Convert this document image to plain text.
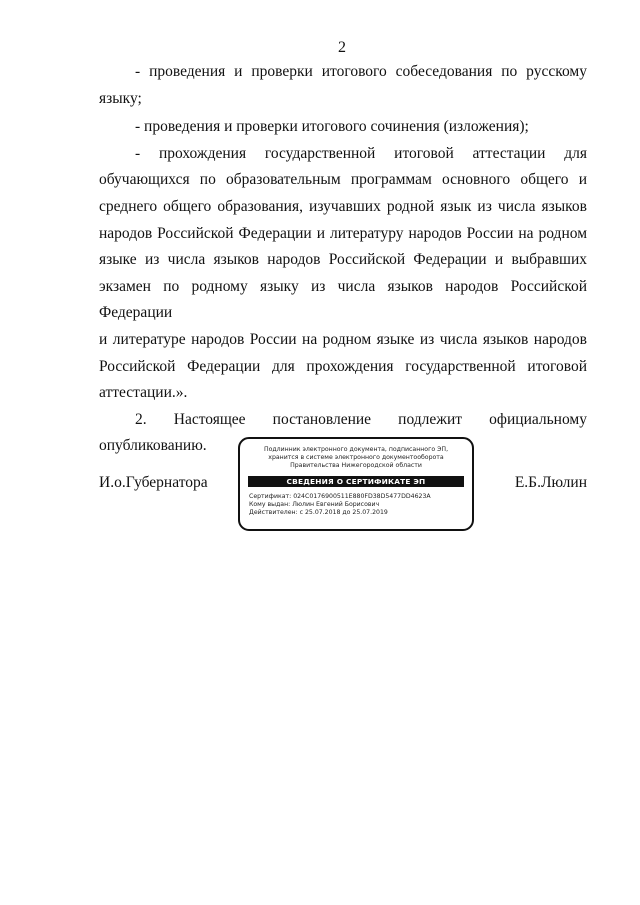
2

- проведения и проверки итогового собеседования по русскому

языку;

- проведения и проверки итогового сочинения (изложения);

- прохождения государственной итоговой аттестации для

обучающихся по образовательным программам основного общего и

среднего общего образования, изучавших родной язык из числа языков

народов Российской Федерации и литературу народов России на родном

языке из числа языков народов Российской Федерации и выбравших

экзамен по родному языку из числа языков народов Российской Федерации

и литературе народов России на родном языке из числа языков народов

Российской Федерации для прохождения государственной итоговой

аттестации.».

2. Настоящее постановление подлежит официальному

опубликованию.

И.о.Губернатора
Подлинник электронного документа, подписанного ЭП,
хранится в системе электронного документооборота
Правительства Нижегородской области
СВЕДЕНИЯ О СЕРТИФИКАТЕ ЭП
Сертификат: 024C0176900511E880FD38D5477DD4623A
Кому выдан: Люлин Евгений Борисович
Действителен: с 25.07.2018 до 25.07.2019
Е.Б.Люлин
